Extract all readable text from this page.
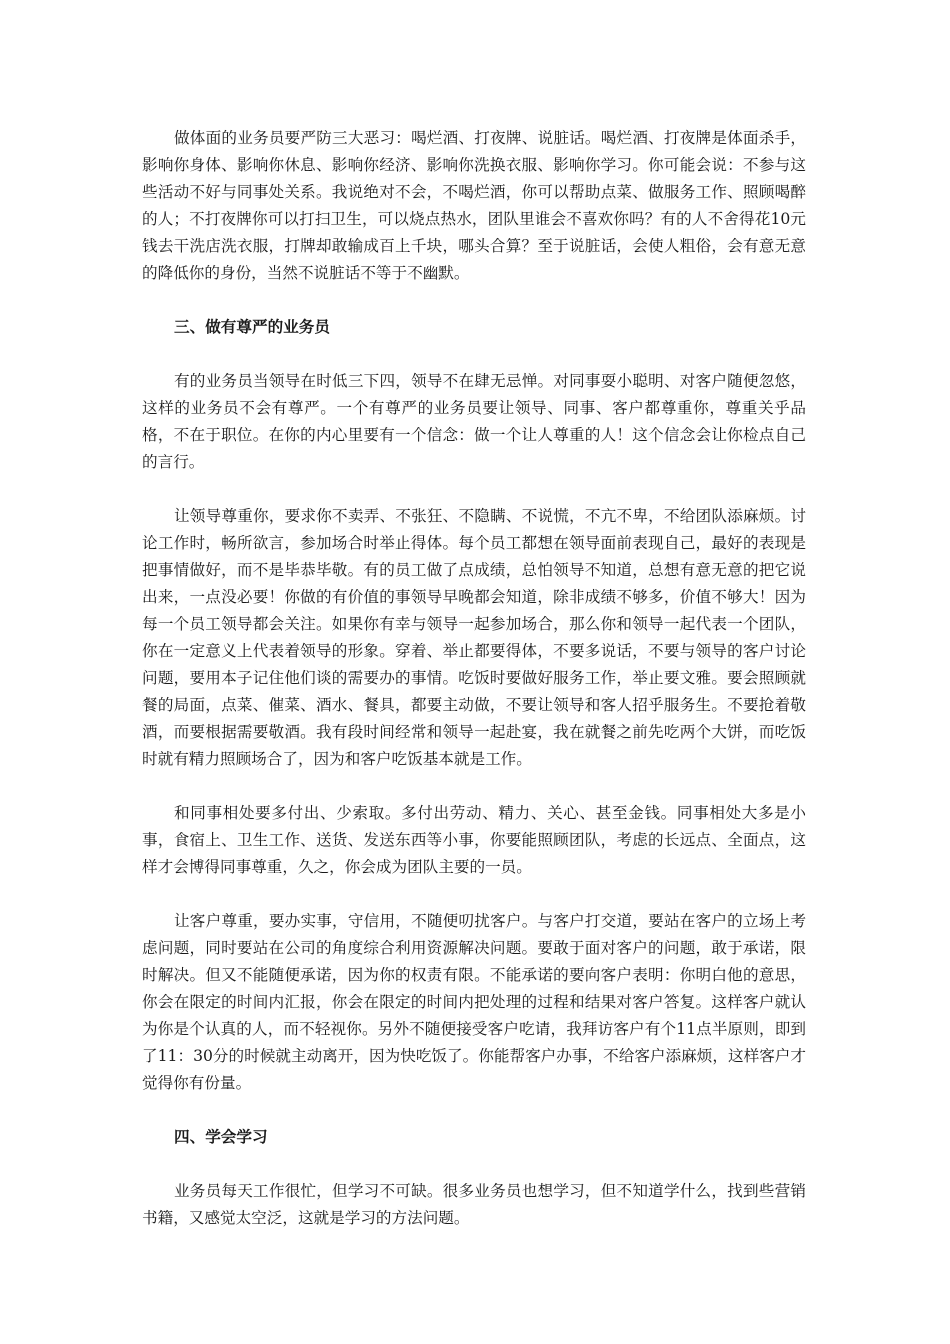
做体面的业务员要严防三大恶习：喝烂酒、打夜牌、说脏话。喝烂酒、打夜牌是体面杀手，影响你身体、影响你休息、影响你经济、影响你洗换衣服、影响你学习。你可能会说：不参与这些活动不好与同事处关系。我说绝对不会，不喝烂酒，你可以帮助点菜、做服务工作、照顾喝醉的人；不打夜牌你可以打扫卫生，可以烧点热水，团队里谁会不喜欢你吗？有的人不舍得花10元钱去干洗店洗衣服，打牌却敢输成百上千块，哪头合算？至于说脏话，会使人粗俗，会有意无意的降低你的身份，当然不说脏话不等于不幽默。

三、做有尊严的业务员

有的业务员当领导在时低三下四，领导不在肆无忌惮。对同事耍小聪明、对客户随便忽悠，这样的业务员不会有尊严。一个有尊严的业务员要让领导、同事、客户都尊重你，尊重关乎品格，不在于职位。在你的内心里要有一个信念：做一个让人尊重的人！这个信念会让你检点自己的言行。

让领导尊重你，要求你不卖弄、不张狂、不隐瞒、不说慌，不亢不卑，不给团队添麻烦。讨论工作时，畅所欲言，参加场合时举止得体。每个员工都想在领导面前表现自己，最好的表现是把事情做好，而不是毕恭毕敬。有的员工做了点成绩，总怕领导不知道，总想有意无意的把它说出来，一点没必要！你做的有价值的事领导早晚都会知道，除非成绩不够多，价值不够大！因为每一个员工领导都会关注。如果你有幸与领导一起参加场合，那么你和领导一起代表一个团队，你在一定意义上代表着领导的形象。穿着、举止都要得体，不要多说话，不要与领导的客户讨论问题，要用本子记住他们谈的需要办的事情。吃饭时要做好服务工作，举止要文雅。要会照顾就餐的局面，点菜、催菜、酒水、餐具，都要主动做，不要让领导和客人招乎服务生。不要抢着敬酒，而要根据需要敬酒。我有段时间经常和领导一起赴宴，我在就餐之前先吃两个大饼，而吃饭时就有精力照顾场合了，因为和客户吃饭基本就是工作。

和同事相处要多付出、少索取。多付出劳动、精力、关心、甚至金钱。同事相处大多是小事，食宿上、卫生工作、送货、发送东西等小事，你要能照顾团队，考虑的长远点、全面点，这样才会博得同事尊重，久之，你会成为团队主要的一员。

让客户尊重，要办实事，守信用，不随便叨扰客户。与客户打交道，要站在客户的立场上考虑问题，同时要站在公司的角度综合利用资源解决问题。要敢于面对客户的问题，敢于承诺，限时解决。但又不能随便承诺，因为你的权责有限。不能承诺的要向客户表明：你明白他的意思，你会在限定的时间内汇报，你会在限定的时间内把处理的过程和结果对客户答复。这样客户就认为你是个认真的人，而不轻视你。另外不随便接受客户吃请，我拜访客户有个11点半原则，即到了11：30分的时候就主动离开，因为快吃饭了。你能帮客户办事，不给客户添麻烦，这样客户才觉得你有份量。

四、学会学习

业务员每天工作很忙，但学习不可缺。很多业务员也想学习，但不知道学什么，找到些营销书籍，又感觉太空泛，这就是学习的方法问题。
